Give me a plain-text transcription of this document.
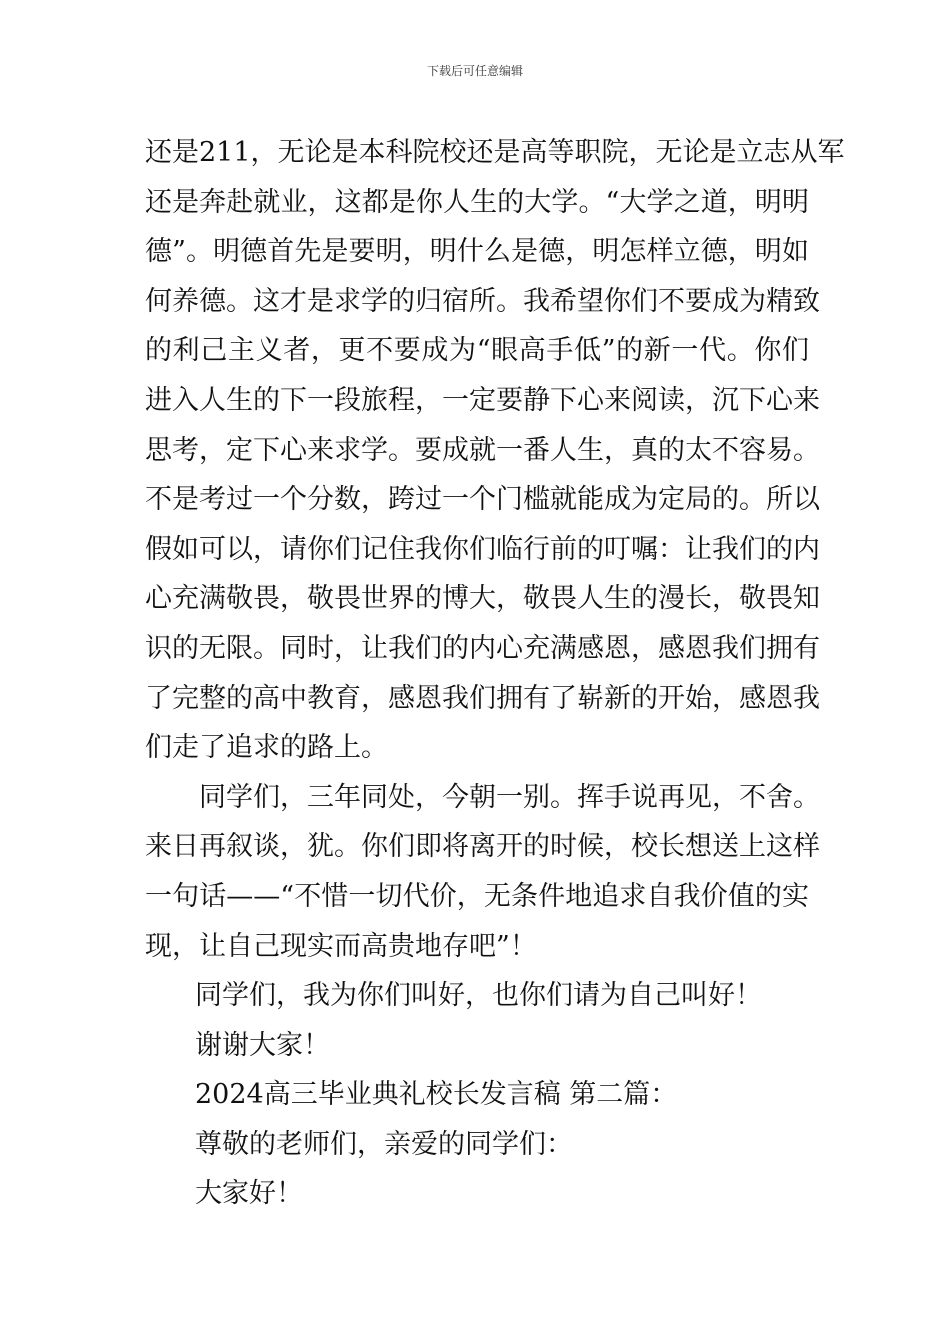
下载后可任意编辑
还是211，无论是本科院校还是高等职院，无论是立志从军
还是奔赴就业，这都是你人生的大学。“大学之道，明明
德”。明德首先是要明，明什么是德，明怎样立德，明如
何养德。这才是求学的归宿所。我希望你们不要成为精致
的利己主义者，更不要成为“眼高手低”的新一代。你们
进入人生的下一段旅程，一定要静下心来阅读，沉下心来
思考，定下心来求学。要成就一番人生，真的太不容易。
不是考过一个分数，跨过一个门槛就能成为定局的。所以
假如可以，请你们记住我你们临行前的叮嘱：让我们的内
心充满敬畏，敬畏世界的博大，敬畏人生的漫长，敬畏知
识的无限。同时，让我们的内心充满感恩，感恩我们拥有
了完整的高中教育，感恩我们拥有了崭新的开始，感恩我
们走了追求的路上。
同学们，三年同处，今朝一别。挥手说再见，不舍。
来日再叙谈，犹。你们即将离开的时候，校长想送上这样
一句话——“不惜一切代价，无条件地追求自我价值的实
现，让自己现实而高贵地存吧”！
同学们，我为你们叫好，也你们请为自己叫好！
谢谢大家！
2024高三毕业典礼校长发言稿 第二篇：
尊敬的老师们，亲爱的同学们：
大家好！
